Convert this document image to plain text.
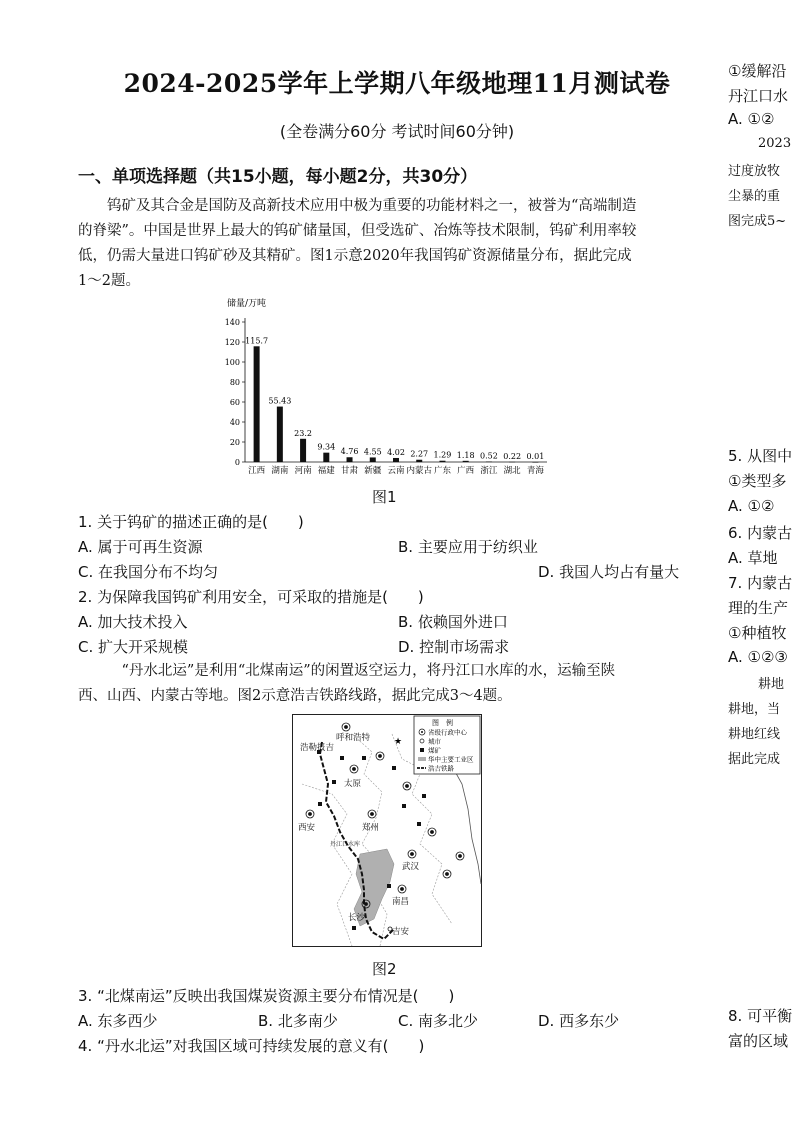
2024-2025学年上学期八年级地理11月测试卷
(全卷满分60分 考试时间60分钟)
一、单项选择题（共15小题，每小题2分，共30分）
钨矿及其合金是国防及高新技术应用中极为重要的功能材料之一，被誉为“高端制造
的脊梁”。中国是世界上最大的钨矿储量国，但受选矿、冶炼等技术限制，钨矿利用率较
低，仍需大量进口钨矿砂及其精矿。图1示意2020年我国钨矿资源储量分布，据此完成
1～2题。
储量/万吨
0
20
40
60
80
100
120
140
115.7
江西
55.43
湖南
23.2
河南
9.34
福建
4.76
甘肃
4.55
新疆
4.02
云南
2.27
内蒙古
1.29
广东
1.18
广西
0.52
浙江
0.22
湖北
0.01
青海
图1
1. 关于钨矿的描述正确的是(　　)
A. 属于可再生资源	B. 主要应用于纺织业
C. 在我国分布不均匀	D. 我国人均占有量大
2. 为保障我国钨矿利用安全，可采取的措施是(　　)
A. 加大技术投入	B. 依赖国外进口
C. 扩大开采规模	D. 控制市场需求
“丹水北运”是利用“北煤南运”的闲置返空运力，将丹江口水库的水，运输至陕
西、山西、内蒙古等地。图2示意浩吉铁路线路，据此完成3～4题。
呼和浩特
浩勒报吉
太原
郑州
西安
武汉
长沙
南昌
吉安
丹江口水库
图　例
省级行政中心
城市
煤矿
华中主要工业区
浩吉铁路
★
图2
3. “北煤南运”反映出我国煤炭资源主要分布情况是(　　)
A. 东多西少	B. 北多南少	C. 南多北少	D. 西多东少
4. “丹水北运”对我国区域可持续发展的意义有(　　)
①缓解沿
丹江口水
A. ①②
2023
过度放牧
尘暴的重
图完成5~
5. 从图中
①类型多
A. ①②
6. 内蒙古
A. 草地
7. 内蒙古
理的生产
①种植牧
A. ①②③
耕地
耕地，当
耕地红线
据此完成
8. 可平衡
富的区域
